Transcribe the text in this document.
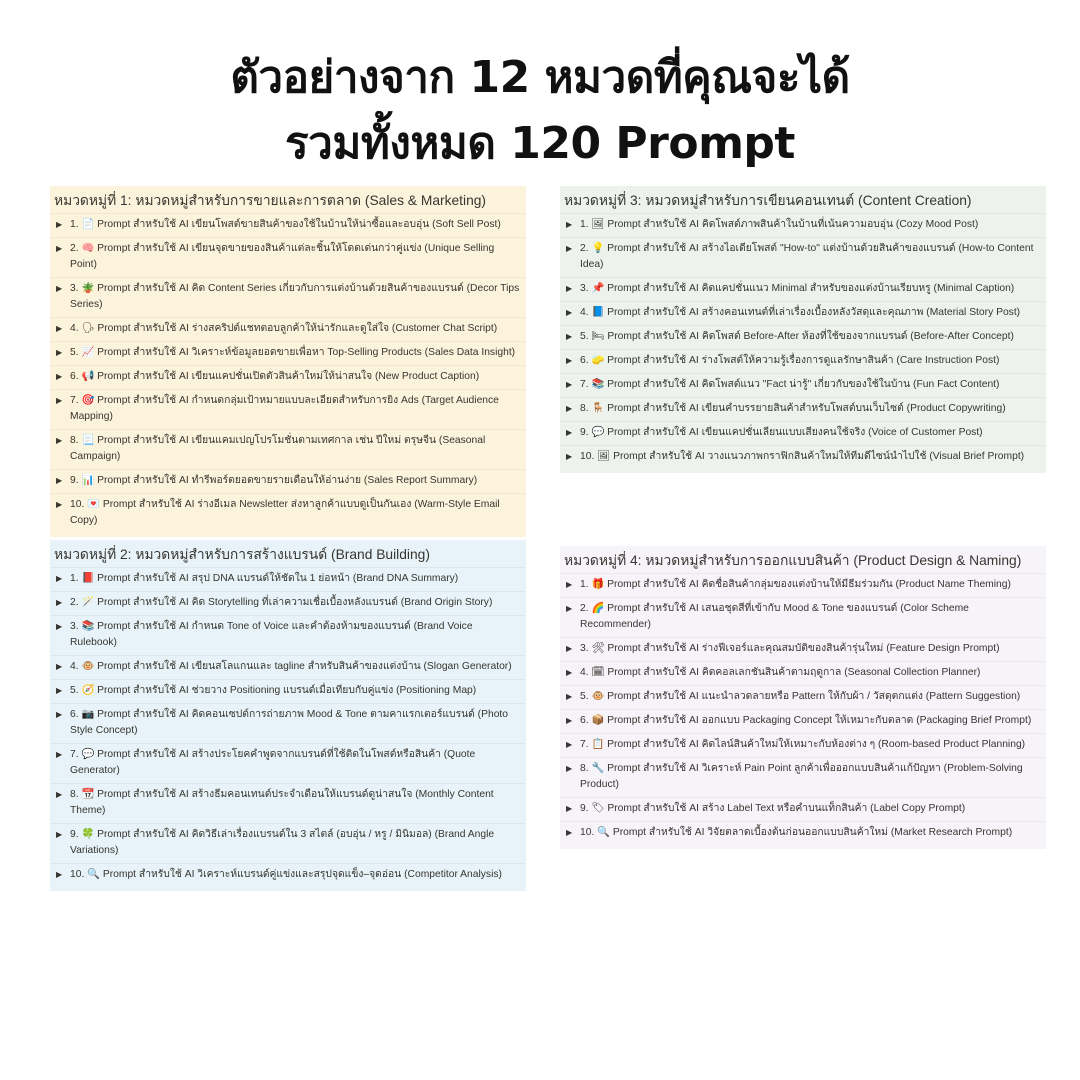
ตัวอย่างจาก 12 หมวดที่คุณจะได้
รวมทั้งหมด 120 Prompt
หมวดหมู่ที่ 1: หมวดหมู่สำหรับการขายและการตลาด (Sales & Marketing)
▶ 1. 📄 Prompt สำหรับใช้ AI เขียนโพสต์ขายสินค้าของใช้ในบ้านให้น่าซื้อและอบอุ่น (Soft Sell Post)
▶ 2. 🧠 Prompt สำหรับใช้ AI เขียนจุดขายของสินค้าแต่ละชิ้นให้โดดเด่นกว่าคู่แข่ง (Unique Selling Point)
▶ 3. 🪴 Prompt สำหรับใช้ AI คิด Content Series เกี่ยวกับการแต่งบ้านด้วยสินค้าของแบรนด์ (Decor Tips Series)
▶ 4. 🗣 Prompt สำหรับใช้ AI ร่างสคริปต์แชทตอบลูกค้าให้น่ารักและดูใส่ใจ (Customer Chat Script)
▶ 5. 📈 Prompt สำหรับใช้ AI วิเคราะห์ข้อมูลยอดขายเพื่อหา Top-Selling Products (Sales Data Insight)
▶ 6. 📢 Prompt สำหรับใช้ AI เขียนแคปชั่นเปิดตัวสินค้าใหม่ให้น่าสนใจ (New Product Caption)
▶ 7. 🎯 Prompt สำหรับใช้ AI กำหนดกลุ่มเป้าหมายแบบละเอียดสำหรับการยิง Ads (Target Audience Mapping)
▶ 8. 📃 Prompt สำหรับใช้ AI เขียนแคมเปญโปรโมชั่นตามเทศกาล เช่น ปีใหม่ ตรุษจีน (Seasonal Campaign)
▶ 9. 📊 Prompt สำหรับใช้ AI ทำรีพอร์ตยอดขายรายเดือนให้อ่านง่าย (Sales Report Summary)
▶ 10. 💌 Prompt สำหรับใช้ AI ร่างอีเมล Newsletter ส่งหาลูกค้าแบบดูเป็นกันเอง (Warm-Style Email Copy)
หมวดหมู่ที่ 2: หมวดหมู่สำหรับการสร้างแบรนด์ (Brand Building)
▶ 1. 📕 Prompt สำหรับใช้ AI สรุป DNA แบรนด์ให้ชัดใน 1 ย่อหน้า (Brand DNA Summary)
▶ 2. 🪄 Prompt สำหรับใช้ AI คิด Storytelling ที่เล่าความเชื่อเบื้องหลังแบรนด์ (Brand Origin Story)
▶ 3. 📚 Prompt สำหรับใช้ AI กำหนด Tone of Voice และคำต้องห้ามของแบรนด์ (Brand Voice Rulebook)
▶ 4. 🐵 Prompt สำหรับใช้ AI เขียนสโลแกนและ tagline สำหรับสินค้าของแต่งบ้าน (Slogan Generator)
▶ 5. 🧭 Prompt สำหรับใช้ AI ช่วยวาง Positioning แบรนด์เมื่อเทียบกับคู่แข่ง (Positioning Map)
▶ 6. 📷 Prompt สำหรับใช้ AI คิดคอนเซปต์การถ่ายภาพ Mood & Tone ตามคาแรกเตอร์แบรนด์ (Photo Style Concept)
▶ 7. 💬 Prompt สำหรับใช้ AI สร้างประโยคคำพูดจากแบรนด์ที่ใช้ติดในโพสต์หรือสินค้า (Quote Generator)
▶ 8. 📆 Prompt สำหรับใช้ AI สร้างธีมคอนเทนต์ประจำเดือนให้แบรนด์ดูน่าสนใจ (Monthly Content Theme)
▶ 9. 🍀 Prompt สำหรับใช้ AI คิดวิธีเล่าเรื่องแบรนด์ใน 3 สไตล์ (อบอุ่น / หรู / มินิมอล) (Brand Angle Variations)
▶ 10. 🔍 Prompt สำหรับใช้ AI วิเคราะห์แบรนด์คู่แข่งและสรุปจุดแข็ง–จุดอ่อน (Competitor Analysis)
หมวดหมู่ที่ 3: หมวดหมู่สำหรับการเขียนคอนเทนต์ (Content Creation)
▶ 1. 🖼 Prompt สำหรับใช้ AI คิดโพสต์ภาพสินค้าในบ้านที่เน้นความอบอุ่น (Cozy Mood Post)
▶ 2. 💡 Prompt สำหรับใช้ AI สร้างไอเดียโพสต์ "How-to" แต่งบ้านด้วยสินค้าของแบรนด์ (How-to Content Idea)
▶ 3. 📌 Prompt สำหรับใช้ AI คิดแคปชั่นแนว Minimal สำหรับของแต่งบ้านเรียบหรู (Minimal Caption)
▶ 4. 📘 Prompt สำหรับใช้ AI สร้างคอนเทนต์ที่เล่าเรื่องเบื้องหลังวัสดุและคุณภาพ (Material Story Post)
▶ 5. 🛏 Prompt สำหรับใช้ AI คิดโพสต์ Before-After ห้องที่ใช้ของจากแบรนด์ (Before-After Concept)
▶ 6. 🧽 Prompt สำหรับใช้ AI ร่างโพสต์ให้ความรู้เรื่องการดูแลรักษาสินค้า (Care Instruction Post)
▶ 7. 📚 Prompt สำหรับใช้ AI คิดโพสต์แนว "Fact น่ารู้" เกี่ยวกับของใช้ในบ้าน (Fun Fact Content)
▶ 8. 🪑 Prompt สำหรับใช้ AI เขียนคำบรรยายสินค้าสำหรับโพสต์บนเว็บไซต์ (Product Copywriting)
▶ 9. 💬 Prompt สำหรับใช้ AI เขียนแคปชั่นเลียนแบบเสียงคนใช้จริง (Voice of Customer Post)
▶ 10. 🖼 Prompt สำหรับใช้ AI วางแนวภาพกราฟิกสินค้าใหม่ให้ทีมดีไซน์นำไปใช้ (Visual Brief Prompt)
หมวดหมู่ที่ 4: หมวดหมู่สำหรับการออกแบบสินค้า (Product Design & Naming)
▶ 1. 🎁 Prompt สำหรับใช้ AI คิดชื่อสินค้ากลุ่มของแต่งบ้านให้มีธีมร่วมกัน (Product Name Theming)
▶ 2. 🌈 Prompt สำหรับใช้ AI เสนอชุดสีที่เข้ากับ Mood & Tone ของแบรนด์ (Color Scheme Recommender)
▶ 3. 🛠 Prompt สำหรับใช้ AI ร่างฟีเจอร์และคุณสมบัติของสินค้ารุ่นใหม่ (Feature Design Prompt)
▶ 4. 🗓 Prompt สำหรับใช้ AI คิดคอลเลกชันสินค้าตามฤดูกาล (Seasonal Collection Planner)
▶ 5. 🐵 Prompt สำหรับใช้ AI แนะนำลวดลายหรือ Pattern ให้กับผ้า / วัสดุตกแต่ง (Pattern Suggestion)
▶ 6. 📦 Prompt สำหรับใช้ AI ออกแบบ Packaging Concept ให้เหมาะกับตลาด (Packaging Brief Prompt)
▶ 7. 📋 Prompt สำหรับใช้ AI คิดไลน์สินค้าใหม่ให้เหมาะกับห้องต่าง ๆ (Room-based Product Planning)
▶ 8. 🔧 Prompt สำหรับใช้ AI วิเคราะห์ Pain Point ลูกค้าเพื่อออกแบบสินค้าแก้ปัญหา (Problem-Solving Product)
▶ 9. 🏷 Prompt สำหรับใช้ AI สร้าง Label Text หรือคำบนแท็กสินค้า (Label Copy Prompt)
▶ 10. 🔍 Prompt สำหรับใช้ AI วิจัยตลาดเบื้องต้นก่อนออกแบบสินค้าใหม่ (Market Research Prompt)
